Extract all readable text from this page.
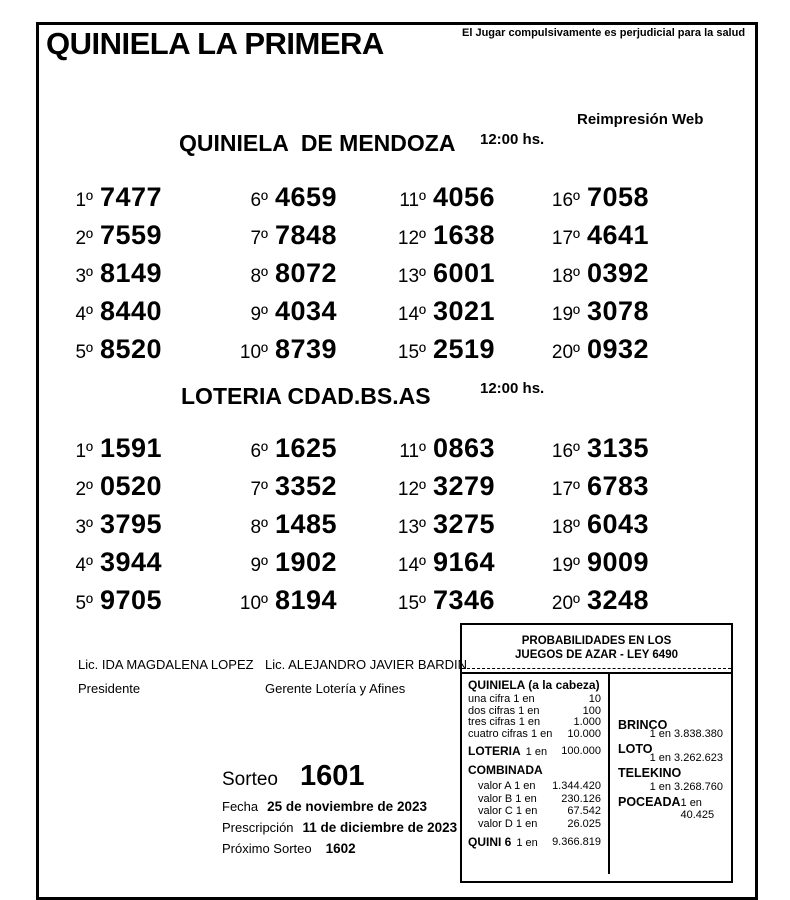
QUINIELA LA PRIMERA	El Jugar compulsivamente es perjudicial para la salud
Reimpresión Web
QUINIELA  DE MENDOZA 12:00 hs.
1º 7477
2º 7559
3º 8149
4º 8440
5º 8520
6º 4659
7º 7848
8º 8072
9º 4034
10º 8739
11º 4056
12º 1638
13º 6001
14º 3021
15º 2519
16º 7058
17º 4641
18º 0392
19º 3078
20º 0932
LOTERIA CDAD.BS.AS	12:00 hs.
1º 1591
2º 0520
3º 3795
4º 3944
5º 9705
6º 1625
7º 3352
8º 1485
9º 1902
10º 8194
11º 0863
12º 3279
13º 3275
14º 9164
15º 7346
16º 3135
17º 6783
18º 6043
19º 9009
20º 3248
Lic. IDA MAGDALENA LOPEZ
Presidente
Lic. ALEJANDRO JAVIER BARDIN
Gerente Lotería y Afines
Sorteo 1601
Fecha 25 de noviembre de 2023
Prescripción 11 de diciembre de 2023
Próximo Sorteo 1602
PROBABILIDADES EN LOS
JUEGOS DE AZAR - LEY 6490
QUINIELA (a la cabeza)
una cifra 1 en	10
dos cifras 1 en	100
tres cifras 1 en	1.000
cuatro cifras 1 en 10.000
LOTERIA 1 en 100.000
COMBINADA
valor A 1 en 1.344.420
valor B 1 en 230.126
valor C 1 en	67.542
valor D 1 en	26.025
QUINI 6 1 en 9.366.819
BRINCO
1 en 3.838.380
LOTO
1 en 3.262.623
TELEKINO
1 en 3.268.760
POCEADA 1 en 40.425
